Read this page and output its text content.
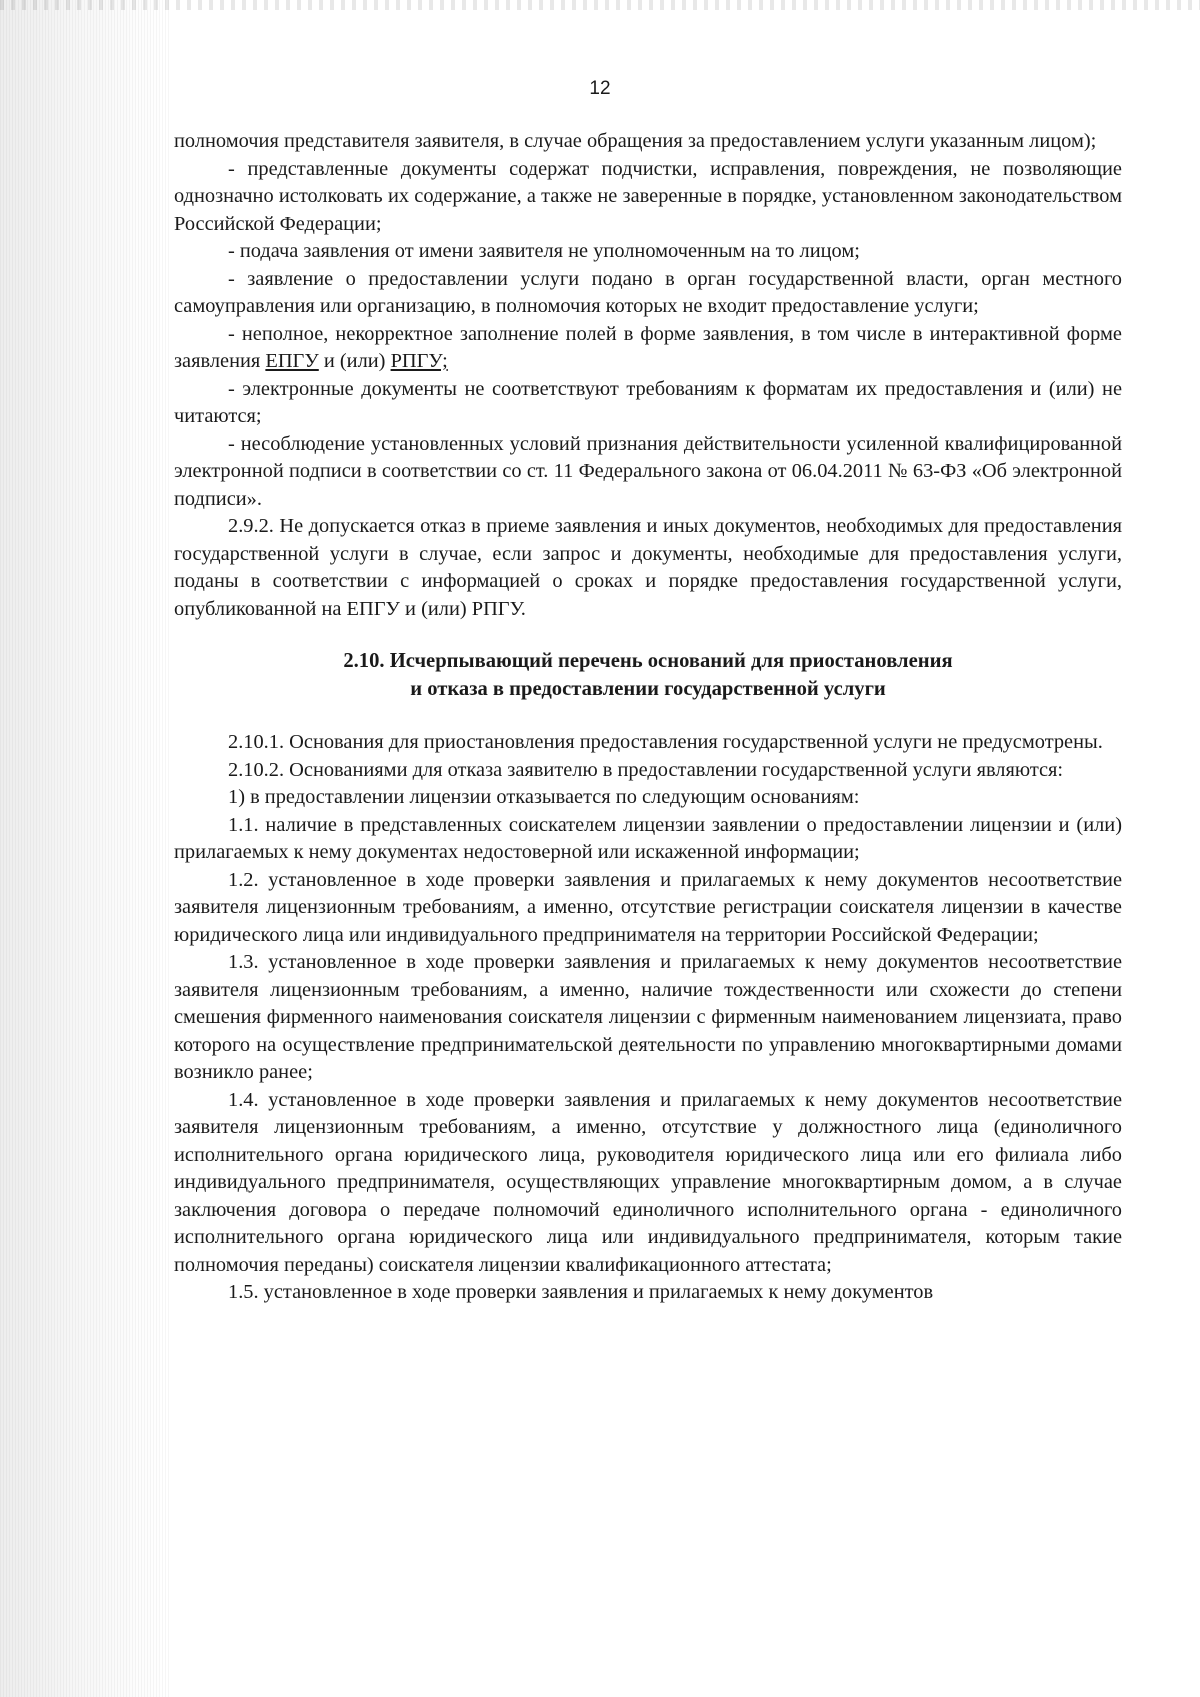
12

полномочия представителя заявителя, в случае обращения за предоставлением услуги указанным лицом);

- представленные документы содержат подчистки, исправления, повреждения, не позволяющие однозначно истолковать их содержание, а также не заверенные в порядке, установленном законодательством Российской Федерации;

- подача заявления от имени заявителя не уполномоченным на то лицом;

- заявление о предоставлении услуги подано в орган государственной власти, орган местного самоуправления или организацию, в полномочия которых не входит предоставление услуги;

- неполное, некорректное заполнение полей в форме заявления, в том числе в интерактивной форме заявления ЕПГУ и (или) РПГУ;

- электронные документы не соответствуют требованиям к форматам их предоставления и (или) не читаются;

- несоблюдение установленных условий признания действительности усиленной квалифицированной электронной подписи в соответствии со ст. 11 Федерального закона от 06.04.2011 № 63-ФЗ «Об электронной подписи».

2.9.2. Не допускается отказ в приеме заявления и иных документов, необходимых для предоставления государственной услуги в случае, если запрос и документы, необходимые для предоставления услуги, поданы в соответствии с информацией о сроках и порядке предоставления государственной услуги, опубликованной на ЕПГУ и (или) РПГУ.

2.10. Исчерпывающий перечень оснований для приостановления
и отказа в предоставлении государственной услуги

2.10.1. Основания для приостановления предоставления государственной услуги не предусмотрены.

2.10.2. Основаниями для отказа заявителю в предоставлении государственной услуги являются:

1) в предоставлении лицензии отказывается по следующим основаниям:

1.1. наличие в представленных соискателем лицензии заявлении о предоставлении лицензии и (или) прилагаемых к нему документах недостоверной или искаженной информации;

1.2. установленное в ходе проверки заявления и прилагаемых к нему документов несоответствие заявителя лицензионным требованиям, а именно, отсутствие регистрации соискателя лицензии в качестве юридического лица или индивидуального предпринимателя на территории Российской Федерации;

1.3. установленное в ходе проверки заявления и прилагаемых к нему документов несоответствие заявителя лицензионным требованиям, а именно, наличие тождественности или схожести до степени смешения фирменного наименования соискателя лицензии с фирменным наименованием лицензиата, право которого на осуществление предпринимательской деятельности по управлению многоквартирными домами возникло ранее;

1.4. установленное в ходе проверки заявления и прилагаемых к нему документов несоответствие заявителя лицензионным требованиям, а именно, отсутствие у должностного лица (единоличного исполнительного органа юридического лица, руководителя юридического лица или его филиала либо индивидуального предпринимателя, осуществляющих управление многоквартирным домом, а в случае заключения договора о передаче полномочий единоличного исполнительного органа - единоличного исполнительного органа юридического лица или индивидуального предпринимателя, которым такие полномочия переданы) соискателя лицензии квалификационного аттестата;

1.5. установленное в ходе проверки заявления и прилагаемых к нему документов
